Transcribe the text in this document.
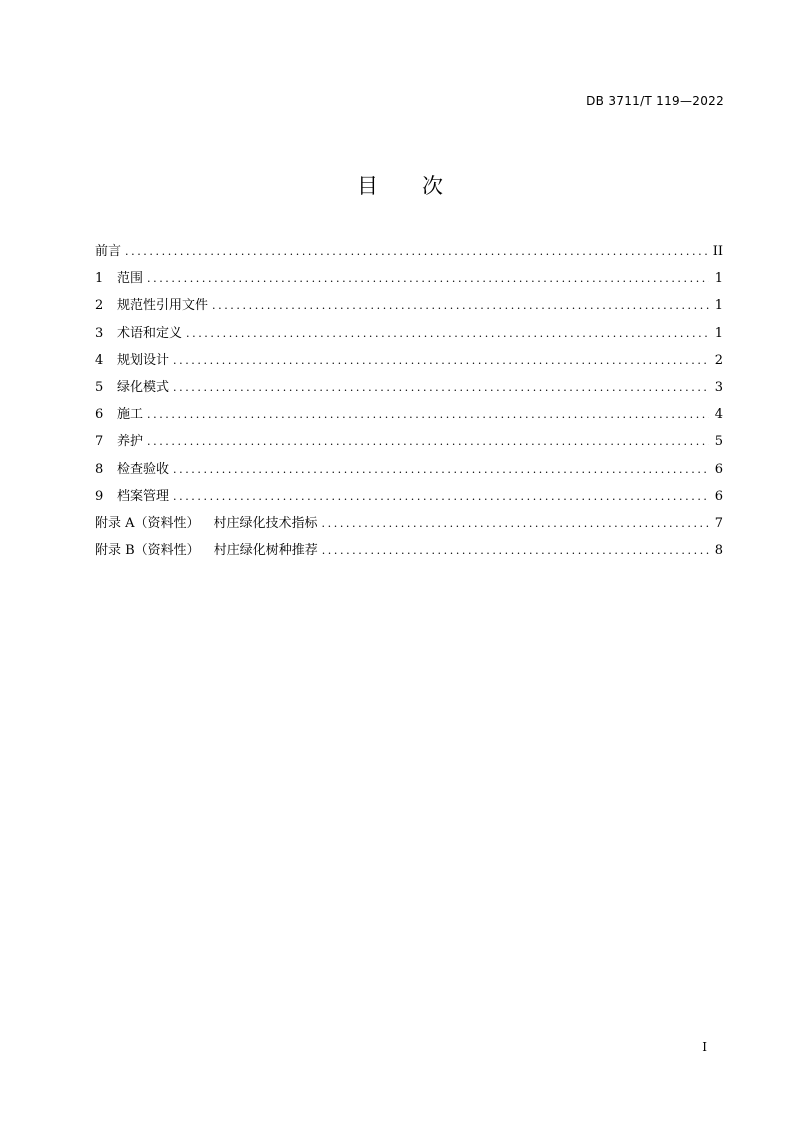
DB 3711/T 119—2022
目 次
前言 .....	II
1	范围 .....	1
2	规范性引用文件 .....	1
3	术语和定义 .....	1
4	规划设计 .....	2
5	绿化模式 .....	3
6	施工 .....	4
7	养护 .....	5
8	检查验收 .....	6
9	档案管理 .....	6
附录 A（资料性） 村庄绿化技术指标 .....	7
附录 B（资料性） 村庄绿化树种推荐 .....	8
I
